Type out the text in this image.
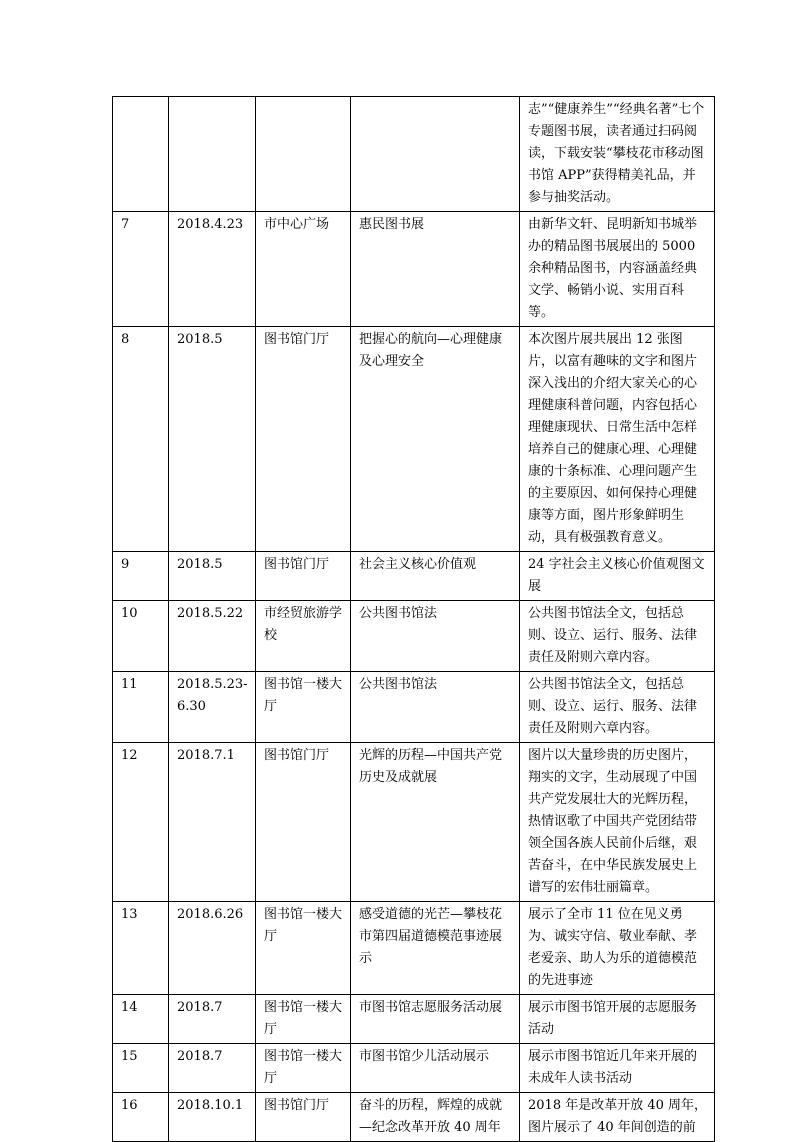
				志”“健康养生”“经典名著”七个专题图书展，读者通过扫码阅读，下载安装“攀枝花市移动图书馆 APP”获得精美礼品，并参与抽奖活动。
7	2018.4.23	市中心广场	惠民图书展	由新华文轩、昆明新知书城举办的精品图书展展出的 5000 余种精品图书，内容涵盖经典文学、畅销小说、实用百科等。
8	2018.5	图书馆门厅	把握心的航向—心理健康及心理安全	本次图片展共展出 12 张图片，以富有趣味的文字和图片深入浅出的介绍大家关心的心理健康科普问题，内容包括心理健康现状、日常生活中怎样培养自己的健康心理、心理健康的十条标准、心理问题产生的主要原因、如何保持心理健康等方面，图片形象鲜明生动，具有极强教育意义。
9	2018.5	图书馆门厅	社会主义核心价值观	24 字社会主义核心价值观图文展
10	2018.5.22	市经贸旅游学校	公共图书馆法	公共图书馆法全文，包括总则、设立、运行、服务、法律责任及附则六章内容。
11	2018.5.23-6.30	图书馆一楼大厅	公共图书馆法	公共图书馆法全文，包括总则、设立、运行、服务、法律责任及附则六章内容。
12	2018.7.1	图书馆门厅	光辉的历程—中国共产党历史及成就展	图片以大量珍贵的历史图片，翔实的文字，生动展现了中国共产党发展壮大的光辉历程，热情讴歌了中国共产党团结带领全国各族人民前仆后继，艰苦奋斗，在中华民族发展史上谱写的宏伟壮丽篇章。
13	2018.6.26	图书馆一楼大厅	感受道德的光芒—攀枝花市第四届道德模范事迹展示	展示了全市 11 位在见义勇为、诚实守信、敬业奉献、孝老爱亲、助人为乐的道德模范的先进事迹
14	2018.7	图书馆一楼大厅	市图书馆志愿服务活动展	展示市图书馆开展的志愿服务活动
15	2018.7	图书馆一楼大厅	市图书馆少儿活动展示	展示市图书馆近几年来开展的未成年人读书活动
16	2018.10.1	图书馆门厅	奋斗的历程，辉煌的成就—纪念改革开放 40 周年	2018 年是改革开放 40 周年，图片展示了 40 年间创造的前
